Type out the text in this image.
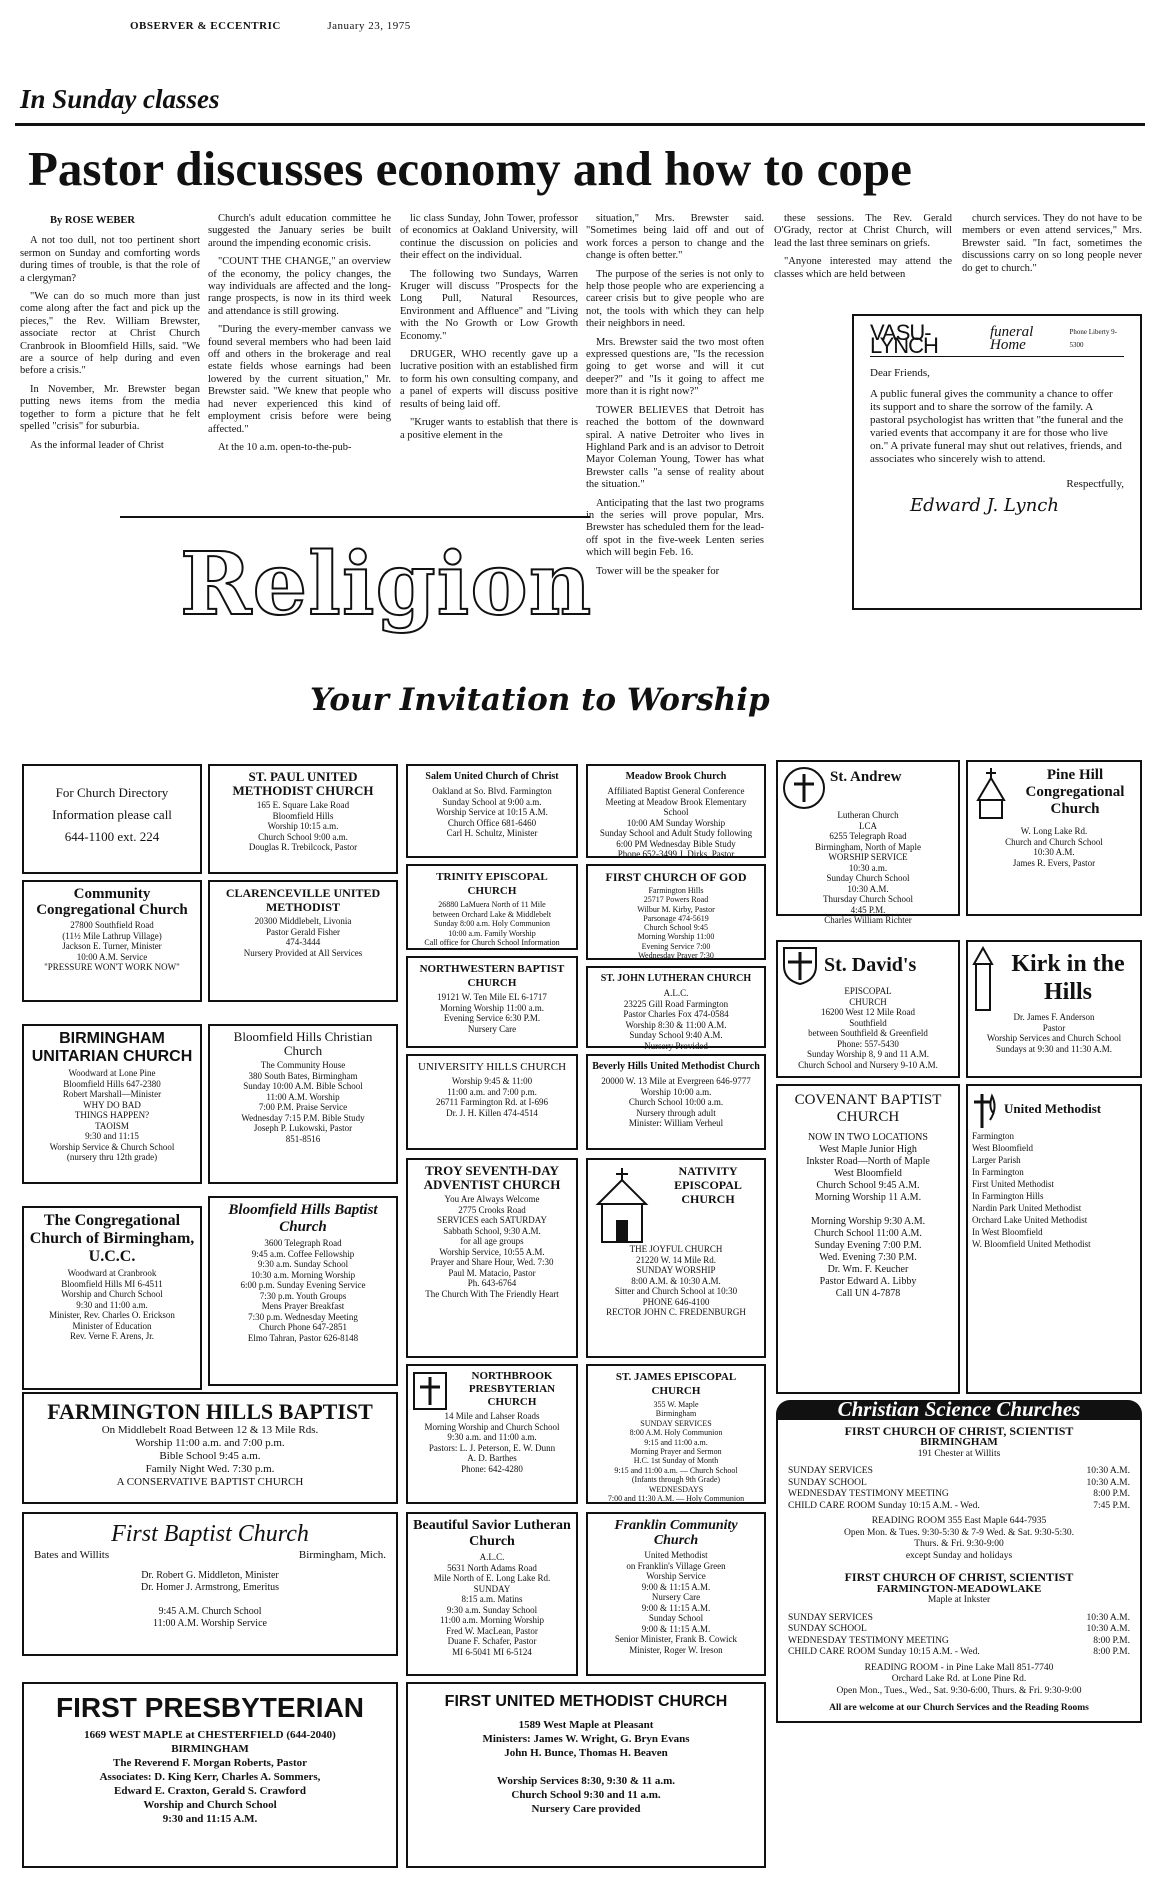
OBSERVER & ECCENTRIC	January 23, 1975
In Sunday classes
Pastor discusses economy and how to cope
By ROSE WEBER

A not too dull, not too pertinent short sermon on Sunday and comforting words during times of trouble, is that the role of a clergyman?

"We can do so much more than just come along after the fact and pick up the pieces," the Rev. William Brewster, associate rector at Christ Church Cranbrook in Bloomfield Hills, said. "We are a source of help during and even before a crisis."

In November, Mr. Brewster began putting news items from the media together to form a picture that he felt spelled "crisis" for suburbia.

As the informal leader of Christ

Church's adult education committee he suggested the January series be built around the impending economic crisis.

"COUNT THE CHANGE," an overview of the economy, the policy changes, the way individuals are affected and the long-range prospects, is now in its third week and attendance is still growing.

"During the every-member canvass we found several members who had been laid off and others in the brokerage and real estate fields whose earnings had been lowered by the current situation," Mr. Brewster said. "We knew that people who had never experienced this kind of employment crisis before were being affected."

At the 10 a.m. open-to-the-pub-

lic class Sunday, John Tower, professor of economics at Oakland University, will continue the discussion on policies and their effect on the individual.

The following two Sundays, Warren Kruger will discuss "Prospects for the Long Pull, Natural Resources, Environment and Affluence" and "Living with the No Growth or Low Growth Economy."

DRUGER, WHO recently gave up a lucrative position with an established firm to form his own consulting company, and a panel of experts will discuss positive results of being laid off.

"Kruger wants to establish that there is a positive element in the

situation," Mrs. Brewster said. "Sometimes being laid off and out of work forces a person to change and the change is often better."

The purpose of the series is not only to help those people who are experiencing a career crisis but to give people who are not, the tools with which they can help their neighbors in need.

Mrs. Brewster said the two most often expressed questions are, "Is the recession going to get worse and will it cut deeper?" and "Is it going to affect me more than it is right now?"

TOWER BELIEVES that Detroit has reached the bottom of the downward spiral. A native Detroiter who lives in Highland Park and is an advisor to Detroit Mayor Coleman Young, Tower has what Brewster calls "a sense of reality about the situation."

Anticipating that the last two programs in the series will prove popular, Mrs. Brewster has scheduled them for the lead-off spot in the five-week Lenten series which will begin Feb. 16.

Tower will be the speaker for

these sessions. The Rev. Gerald O'Grady, rector at Christ Church, will lead the last three seminars on griefs.

"Anyone interested may attend the classes which are held between

church services. They do not have to be members or even attend services," Mrs. Brewster said. "In fact, sometimes the discussions carry on so long people never do get to church."

Religion
VASU-LYNCH
funeral Home
Phone Liberty 9-5300
Dear Friends,
A public funeral gives the community a chance to offer its support and to share the sorrow of the family. A pastoral psychologist has written that "the funeral and the varied events that accompany it are for those who live on." A private funeral may shut out relatives, friends, and associates who sincerely wish to attend.
Respectfully,
Edward J. Lynch
Your Invitation to Worship
For Church Directory
Information please call
644-1100 ext. 224
ST. PAUL UNITED METHODIST CHURCH
165 E. Square Lake Road
Bloomfield Hills
Worship 10:15 a.m.
Church School 9:00 a.m.
Douglas R. Trebilcock, Pastor
Salem United Church of Christ
Oakland at So. Blvd. Farmington
Sunday School at 9:00 a.m.
Worship Service at 10:15 A.M.
Church Office 681-6460
Carl H. Schultz, Minister
Meadow Brook Church
Affiliated Baptist General Conference
Meeting at Meadow Brook Elementary School
10:00 AM Sunday Worship
Sunday School and Adult Study following
6:00 PM Wednesday Bible Study
Phone 652-3499 J. Dirks, Pastor
St. Andrew
Lutheran Church
LCA
6255 Telegraph Road
Birmingham, North of Maple
WORSHIP SERVICE
10:30 a.m.
Sunday Church School
10:30 A.M.
Thursday Church School
4:45 P.M.
Charles William Richter
Pine Hill Congregational Church
W. Long Lake Rd.
Church and Church School
10:30 A.M.
James R. Evers, Pastor
Community Congregational Church
27800 Southfield Road
(11½ Mile Lathrup Village)
Jackson E. Turner, Minister
10:00 A.M. Service
"PRESSURE WON'T WORK NOW"
CLARENCEVILLE UNITED METHODIST
20300 Middlebelt, Livonia
Pastor Gerald Fisher
474-3444
Nursery Provided at All Services
TRINITY EPISCOPAL CHURCH
26880 LaMuera North of 11 Mile
between Orchard Lake & Middlebelt
Sunday 8:00 a.m. Holy Communion
10:00 a.m. Family Worship
Call office for Church School Information
FIRST CHURCH OF GOD
Farmington Hills
25717 Powers Road
Wilbur M. Kirby, Pastor
Parsonage 474-5619
Church School 9:45
Morning Worship 11:00
Evening Service 7:00
Wednesday Prayer 7:30
NORTHWESTERN BAPTIST CHURCH
19121 W. Ten Mile EL 6-1717
Morning Worship 11:00 a.m.
Evening Service 6:30 P.M.
Nursery Care
ST. JOHN LUTHERAN CHURCH
A.L.C.
23225 Gill Road Farmington
Pastor Charles Fox 474-0584
Worship 8:30 & 11:00 A.M.
Sunday School 9:40 A.M.
Nursery Provided
St. David's
EPISCOPAL
CHURCH
16200 West 12 Mile Road
Southfield
between Southfield & Greenfield
Phone: 557-5430
Sunday Worship 8, 9 and 11 A.M.
Church School and Nursery 9-10 A.M.
Kirk in the Hills
Dr. James F. Anderson
Pastor
Worship Services and Church School
Sundays at 9:30 and 11:30 A.M.
BIRMINGHAM UNITARIAN CHURCH
Woodward at Lone Pine
Bloomfield Hills 647-2380
Robert Marshall—Minister
WHY DO BAD
THINGS HAPPEN?
TAOISM
9:30 and 11:15
Worship Service & Church School
(nursery thru 12th grade)
Bloomfield Hills Christian Church
The Community House
380 South Bates, Birmingham
Sunday 10:00 A.M. Bible School
11:00 A.M. Worship
7:00 P.M. Praise Service
Wednesday 7:15 P.M. Bible Study
Joseph P. Lukowski, Pastor
851-8516
UNIVERSITY HILLS CHURCH
Worship 9:45 & 11:00
11:00 a.m. and 7:00 p.m.
26711 Farmington Rd. at I-696
Dr. J. H. Killen 474-4514
Beverly Hills United Methodist Church
20000 W. 13 Mile at Evergreen 646-9777
Worship 10:00 a.m.
Church School 10:00 a.m.
Nursery through adult
Minister: William Verheul
COVENANT BAPTIST CHURCH
NOW IN TWO LOCATIONS
West Maple Junior High
Inkster Road—North of Maple
West Bloomfield
Church School 9:45 A.M.
Morning Worship 11 A.M.

Morning Worship 9:30 A.M.
Church School 11:00 A.M.
Sunday Evening 7:00 P.M.
Wed. Evening 7:30 P.M.
Dr. Wm. F. Keucher
Pastor Edward A. Libby
Call UN 4-7878

United Methodist

Farmington
West Bloomfield
Larger Parish
In Farmington
First United Methodist
In Farmington Hills
Nardin Park United Methodist
Orchard Lake United Methodist
In West Bloomfield
W. Bloomfield United Methodist
The Congregational Church of Birmingham, U.C.C.
Woodward at Cranbrook
Bloomfield Hills MI 6-4511
Worship and Church School
9:30 and 11:00 a.m.
Minister, Rev. Charles O. Erickson
Minister of Education
Rev. Verne F. Arens, Jr.
Bloomfield Hills Baptist Church
3600 Telegraph Road
9:45 a.m. Coffee Fellowship
9:30 a.m. Sunday School
10:30 a.m. Morning Worship
6:00 p.m. Sunday Evening Service
7:30 p.m. Youth Groups
Mens Prayer Breakfast
7:30 p.m. Wednesday Meeting
Church Phone 647-2851
Elmo Tahran, Pastor 626-8148
TROY SEVENTH-DAY ADVENTIST CHURCH
You Are Always Welcome
2775 Crooks Road
SERVICES each SATURDAY
Sabbath School, 9:30 A.M.
for all age groups
Worship Service, 10:55 A.M.
Prayer and Share Hour, Wed. 7:30
Paul M. Matacio, Pastor
Ph. 643-6764
The Church With The Friendly Heart
NATIVITY EPISCOPAL CHURCH
THE JOYFUL CHURCH
21220 W. 14 Mile Rd.
SUNDAY WORSHIP
8:00 A.M. & 10:30 A.M.
Sitter and Church School at 10:30
PHONE 646-4100
RECTOR JOHN C. FREDENBURGH
FARMINGTON HILLS BAPTIST
On Middlebelt Road Between 12 & 13 Mile Rds.
Worship 11:00 a.m. and 7:00 p.m.
Bible School 9:45 a.m.
Family Night Wed. 7:30 p.m.
A CONSERVATIVE BAPTIST CHURCH
NORTHBROOK PRESBYTERIAN CHURCH
14 Mile and Lahser Roads
Morning Worship and Church School
9:30 a.m. and 11:00 a.m.
Pastors: L. J. Peterson, E. W. Dunn
A. D. Barthes
Phone: 642-4280
ST. JAMES EPISCOPAL CHURCH
355 W. Maple
Birmingham
SUNDAY SERVICES
8:00 A.M. Holy Communion
9:15 and 11:00 a.m.
Morning Prayer and Sermon
H.C. 1st Sunday of Month
9:15 and 11:00 a.m. — Church School
(Infants through 9th Grade)
WEDNESDAYS
7:00 and 11:30 A.M. — Holy Communion
Christian Science Churches
FIRST CHURCH OF CHRIST, SCIENTIST
BIRMINGHAM
191 Chester at Willits
SUNDAY SERVICES	10:30 A.M.
SUNDAY SCHOOL	10:30 A.M.
WEDNESDAY TESTIMONY MEETING	8:00 P.M.
CHILD CARE ROOM Sunday 10:15 A.M. - Wed.	7:45 P.M.
READING ROOM 355 East Maple 644-7935
Open Mon. & Tues. 9:30-5:30 & 7-9 Wed. & Sat. 9:30-5:30.
Thurs. & Fri. 9:30-9:00
except Sunday and holidays
FIRST CHURCH OF CHRIST, SCIENTIST
FARMINGTON-MEADOWLAKE
Maple at Inkster
SUNDAY SERVICES	10:30 A.M.
SUNDAY SCHOOL	10:30 A.M.
WEDNESDAY TESTIMONY MEETING	8:00 P.M.
CHILD CARE ROOM Sunday 10:15 A.M. - Wed.	8:00 P.M.
READING ROOM - in Pine Lake Mall 851-7740
Orchard Lake Rd. at Lone Pine Rd.
Open Mon., Tues., Wed., Sat. 9:30-6:00, Thurs. & Fri. 9:30-9:00
All are welcome at our Church Services and the Reading Rooms
First Baptist Church
Bates and Willits	Birmingham, Mich.
Dr. Robert G. Middleton, Minister
Dr. Homer J. Armstrong, Emeritus

9:45 A.M. Church School
11:00 A.M. Worship Service
Beautiful Savior Lutheran Church
A.L.C.
5631 North Adams Road
Mile North of E. Long Lake Rd.
SUNDAY
8:15 a.m. Matins
9:30 a.m. Sunday School
11:00 a.m. Morning Worship
Fred W. MacLean, Pastor
Duane F. Schafer, Pastor
MI 6-5041 MI 6-5124
Franklin Community Church
United Methodist
on Franklin's Village Green
Worship Service
9:00 & 11:15 A.M.
Nursery Care
9:00 & 11:15 A.M.
Sunday School
9:00 & 11:15 A.M.
Senior Minister, Frank B. Cowick
Minister, Roger W. Ireson
FIRST PRESBYTERIAN
1669 WEST MAPLE at CHESTERFIELD (644-2040)
BIRMINGHAM
The Reverend F. Morgan Roberts, Pastor
Associates: D. King Kerr, Charles A. Sommers,
Edward E. Craxton, Gerald S. Crawford
Worship and Church School
9:30 and 11:15 A.M.
FIRST UNITED METHODIST CHURCH
1589 West Maple at Pleasant
Ministers: James W. Wright, G. Bryn Evans
John H. Bunce, Thomas H. Beaven

Worship Services 8:30, 9:30 & 11 a.m.
Church School 9:30 and 11 a.m.
Nursery Care provided
